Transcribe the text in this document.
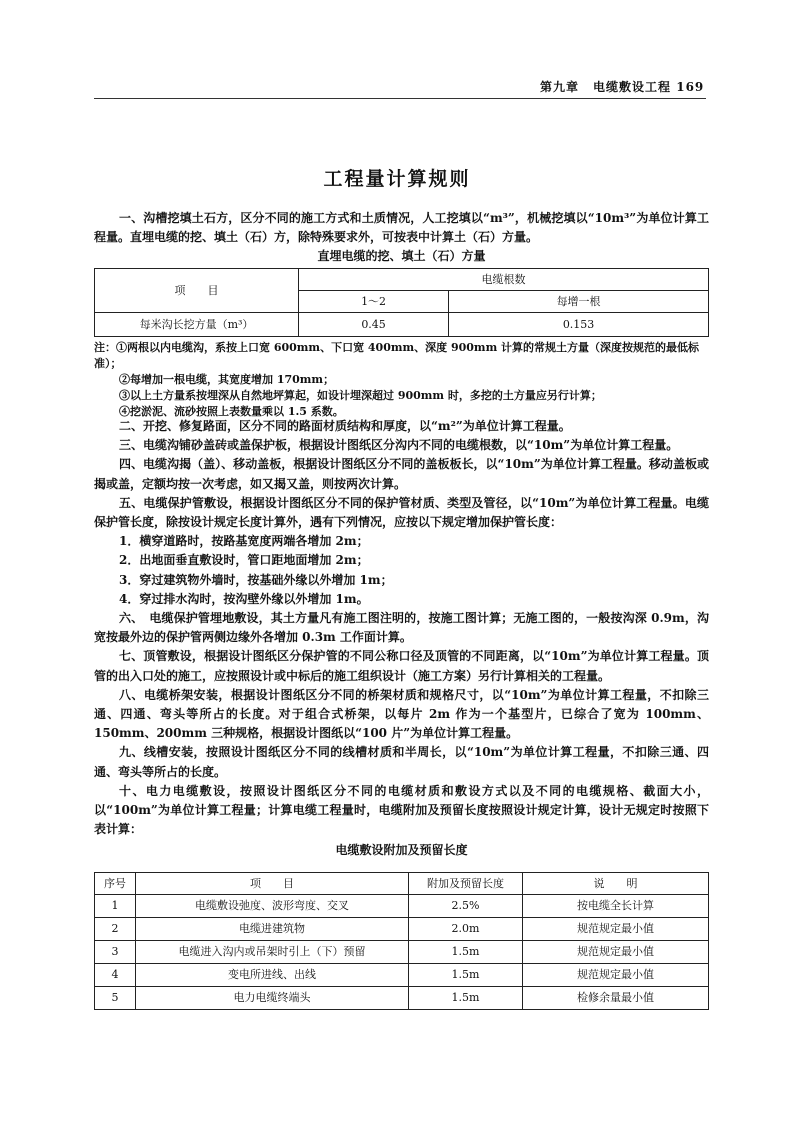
第九章 电缆敷设工程 169
工程量计算规则

一、沟槽挖填土石方，区分不同的施工方式和土质情况，人工挖填以“m³”，机械挖填以“10m³”为单位计算工程量。直埋电缆的挖、填土（石）方，除特殊要求外，可按表中计算土（石）方量。

直埋电缆的挖、填土（石）方量

项　　目	电缆根数	
	1～2	每增一根
每米沟长挖方量（m³）	0.45	0.153
注：①两根以内电缆沟，系按上口宽 600mm、下口宽 400mm、深度 900mm 计算的常规土方量（深度按规范的最低标准）；
②每增加一根电缆，其宽度增加 170mm；
③以上土方量系按埋深从自然地坪算起，如设计埋深超过 900mm 时，多挖的土方量应另行计算；
④挖淤泥、流砂按照上表数量乘以 1.5 系数。

二、开挖、修复路面，区分不同的路面材质结构和厚度，以“m²”为单位计算工程量。

三、电缆沟铺砂盖砖或盖保护板，根据设计图纸区分沟内不同的电缆根数，以“10m”为单位计算工程量。

四、电缆沟揭（盖）、移动盖板，根据设计图纸区分不同的盖板板长，以“10m”为单位计算工程量。移动盖板或揭或盖，定额均按一次考虑，如又揭又盖，则按两次计算。

五、电缆保护管敷设，根据设计图纸区分不同的保护管材质、类型及管径，以“10m”为单位计算工程量。电缆保护管长度，除按设计规定长度计算外，遇有下列情况，应按以下规定增加保护管长度：

1．横穿道路时，按路基宽度两端各增加 2m；

2．出地面垂直敷设时，管口距地面增加 2m；

3．穿过建筑物外墙时，按基础外缘以外增加 1m；

4．穿过排水沟时，按沟壁外缘以外增加 1m。

六、　电缆保护管埋地敷设，其土方量凡有施工图注明的，按施工图计算；无施工图的，一般按沟深 0.9m，沟宽按最外边的保护管两侧边缘外各增加 0.3m 工作面计算。

七、顶管敷设，根据设计图纸区分保护管的不同公称口径及顶管的不同距离，以“10m”为单位计算工程量。顶管的出入口处的施工，应按照设计或中标后的施工组织设计（施工方案）另行计算相关的工程量。

八、电缆桥架安装，根据设计图纸区分不同的桥架材质和规格尺寸，以“10m”为单位计算工程量，不扣除三通、四通、弯头等所占的长度。对于组合式桥架，以每片 2m 作为一个基型片，已综合了宽为 100mm、150mm、200mm 三种规格，根据设计图纸以“100 片”为单位计算工程量。

九、线槽安装，按照设计图纸区分不同的线槽材质和半周长，以“10m”为单位计算工程量，不扣除三通、四通、弯头等所占的长度。

十、电力电缆敷设，按照设计图纸区分不同的电缆材质和敷设方式以及不同的电缆规格、截面大小，以“100m”为单位计算工程量；计算电缆工程量时，电缆附加及预留长度按照设计规定计算，设计无规定时按照下表计算：

电缆敷设附加及预留长度

序号	项　　目	附加及预留长度	说　　明
1	电缆敷设弛度、波形弯度、交叉	2.5%	按电缆全长计算
2	电缆进建筑物	2.0m	规范规定最小值
3	电缆进入沟内或吊架时引上（下）预留	1.5m	规范规定最小值
4	变电所进线、出线	1.5m	规范规定最小值
5	电力电缆终端头	1.5m	检修余量最小值
